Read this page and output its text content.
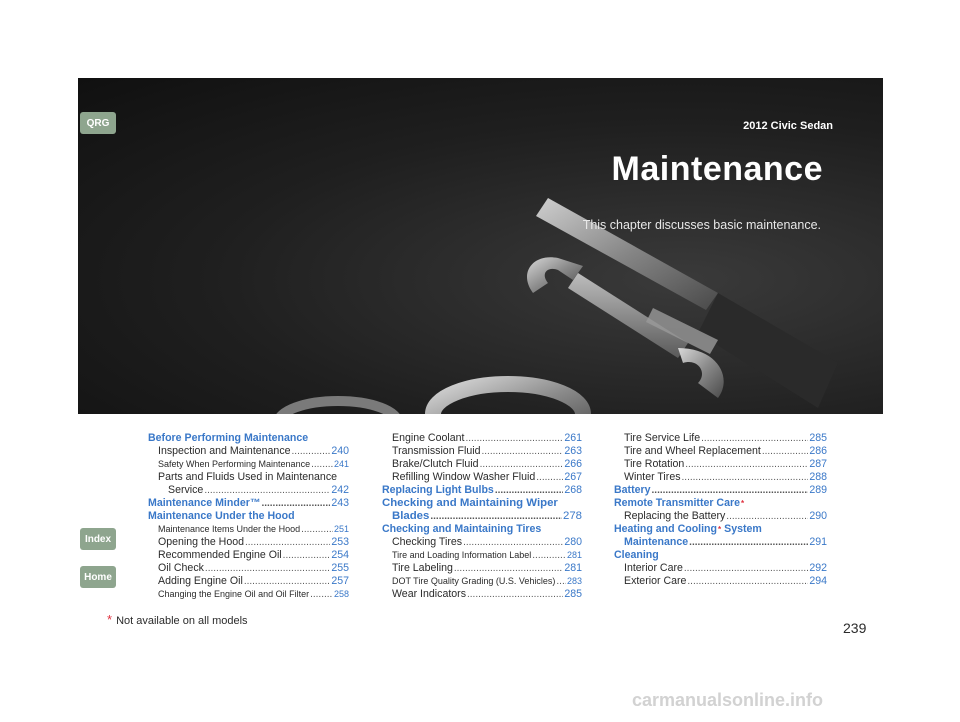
2012 Civic Sedan
Maintenance
This chapter discusses basic maintenance.
QRG
Index
Home
Before Performing Maintenance
Inspection and Maintenance .....	240
Safety When Performing Maintenance .....	241
Parts and Fluids Used in Maintenance
Service .....	242
Maintenance Minder™ .....	243
Maintenance Under the Hood
Maintenance Items Under the Hood .....	251
Opening the Hood .....	253
Recommended Engine Oil .....	254
Oil Check .....	255
Adding Engine Oil .....	257
Changing the Engine Oil and Oil Filter .....	258
Engine Coolant .....	261
Transmission Fluid .....	263
Brake/Clutch Fluid .....	266
Refilling Window Washer Fluid .....	267
Replacing Light Bulbs .....	268
Checking and Maintaining Wiper
Blades .....	278
Checking and Maintaining Tires
Checking Tires .....	280
Tire and Loading Information Label .....	281
Tire Labeling .....	281
DOT Tire Quality Grading (U.S. Vehicles) ..... 283
Wear Indicators .....	285
Tire Service Life .....	285
Tire and Wheel Replacement .....	286
Tire Rotation .....	287
Winter Tires .....	288
Battery .....	289
Remote Transmitter Care *
Replacing the Battery .....	290
Heating and Cooling * System
Maintenance .....	291
Cleaning
Interior Care .....	292
Exterior Care .....	294
* Not available on all models	239
carmanualsonline.info
